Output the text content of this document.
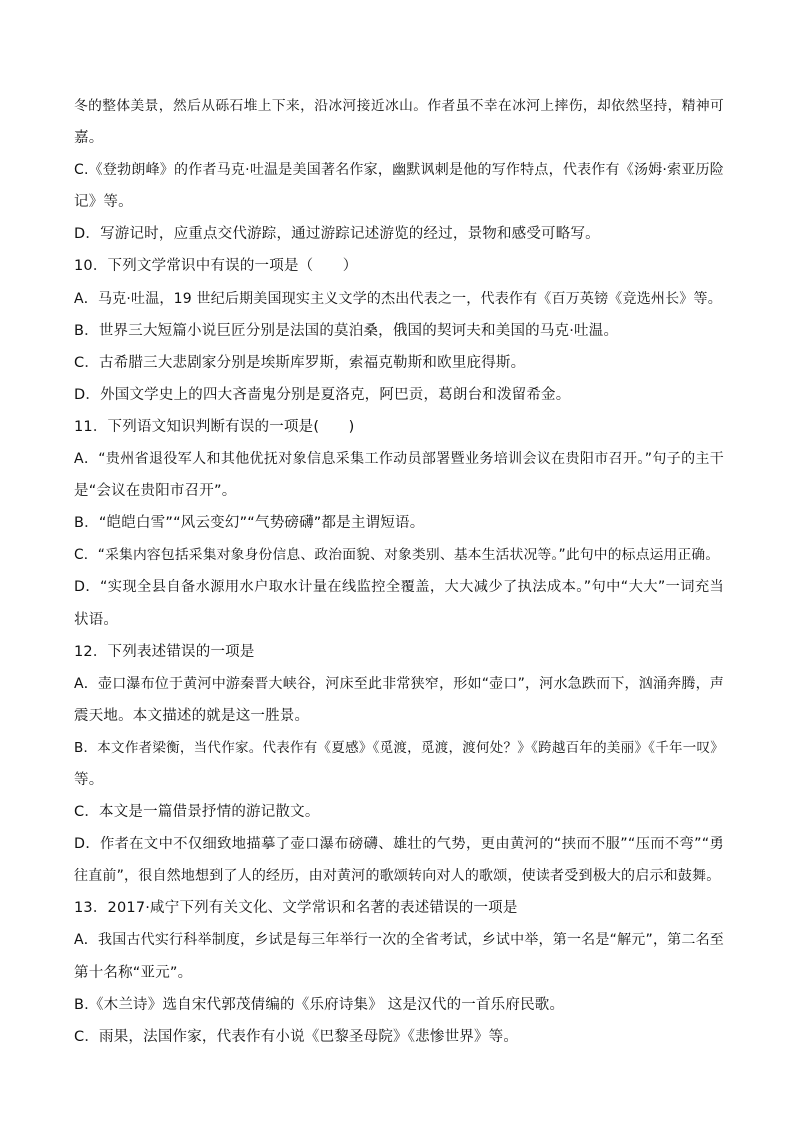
冬的整体美景，然后从砾石堆上下来，沿冰河接近冰山。作者虽不幸在冰河上摔伤，却依然坚持，精神可
嘉。
C.《登勃朗峰》的作者马克·吐温是美国著名作家，幽默讽刺是他的写作特点，代表作有《汤姆·索亚历险
记》等。
D．写游记时，应重点交代游踪，通过游踪记述游览的经过，景物和感受可略写。
10．下列文学常识中有误的一项是（　　）
A．马克·吐温，19 世纪后期美国现实主义文学的杰出代表之一，代表作有《百万英镑《竞选州长》等。
B．世界三大短篇小说巨匠分别是法国的莫泊桑，俄国的契诃夫和美国的马克·吐温。
C．古希腊三大悲剧家分别是埃斯库罗斯，索福克勒斯和欧里庇得斯。
D．外国文学史上的四大吝啬鬼分别是夏洛克，阿巴贡，葛朗台和泼留希金。
11．下列语文知识判断有误的一项是(　　)
A．“贵州省退役军人和其他优抚对象信息采集工作动员部署暨业务培训会议在贵阳市召开。”句子的主干
是“会议在贵阳市召开”。
B．“皑皑白雪”“风云变幻”“气势磅礴”都是主谓短语。
C．“采集内容包括采集对象身份信息、政治面貌、对象类别、基本生活状况等。”此句中的标点运用正确。
D．“实现全县自备水源用水户取水计量在线监控全覆盖，大大减少了执法成本。”句中“大大”一词充当
状语。
12．下列表述错误的一项是
A．壶口瀑布位于黄河中游秦晋大峡谷，河床至此非常狭窄，形如“壶口”，河水急跌而下，汹涌奔腾，声
震天地。本文描述的就是这一胜景。
B．本文作者梁衡，当代作家。代表作有《夏感》《觅渡，觅渡，渡何处？》《跨越百年的美丽》《千年一叹》
等。
C．本文是一篇借景抒情的游记散文。
D．作者在文中不仅细致地描摹了壶口瀑布磅礴、雄壮的气势，更由黄河的“挟而不服”“压而不弯”“勇
往直前”，很自然地想到了人的经历，由对黄河的歌颂转向对人的歌颂，使读者受到极大的启示和鼓舞。
13．2017·咸宁下列有关文化、文学常识和名著的表述错误的一项是
A．我国古代实行科举制度，乡试是每三年举行一次的全省考试，乡试中举，第一名是“解元”，第二名至
第十名称“亚元”。
B.《木兰诗》选自宋代郭茂倩编的《乐府诗集》 这是汉代的一首乐府民歌。
C．雨果，法国作家，代表作有小说《巴黎圣母院》《悲惨世界》等。
